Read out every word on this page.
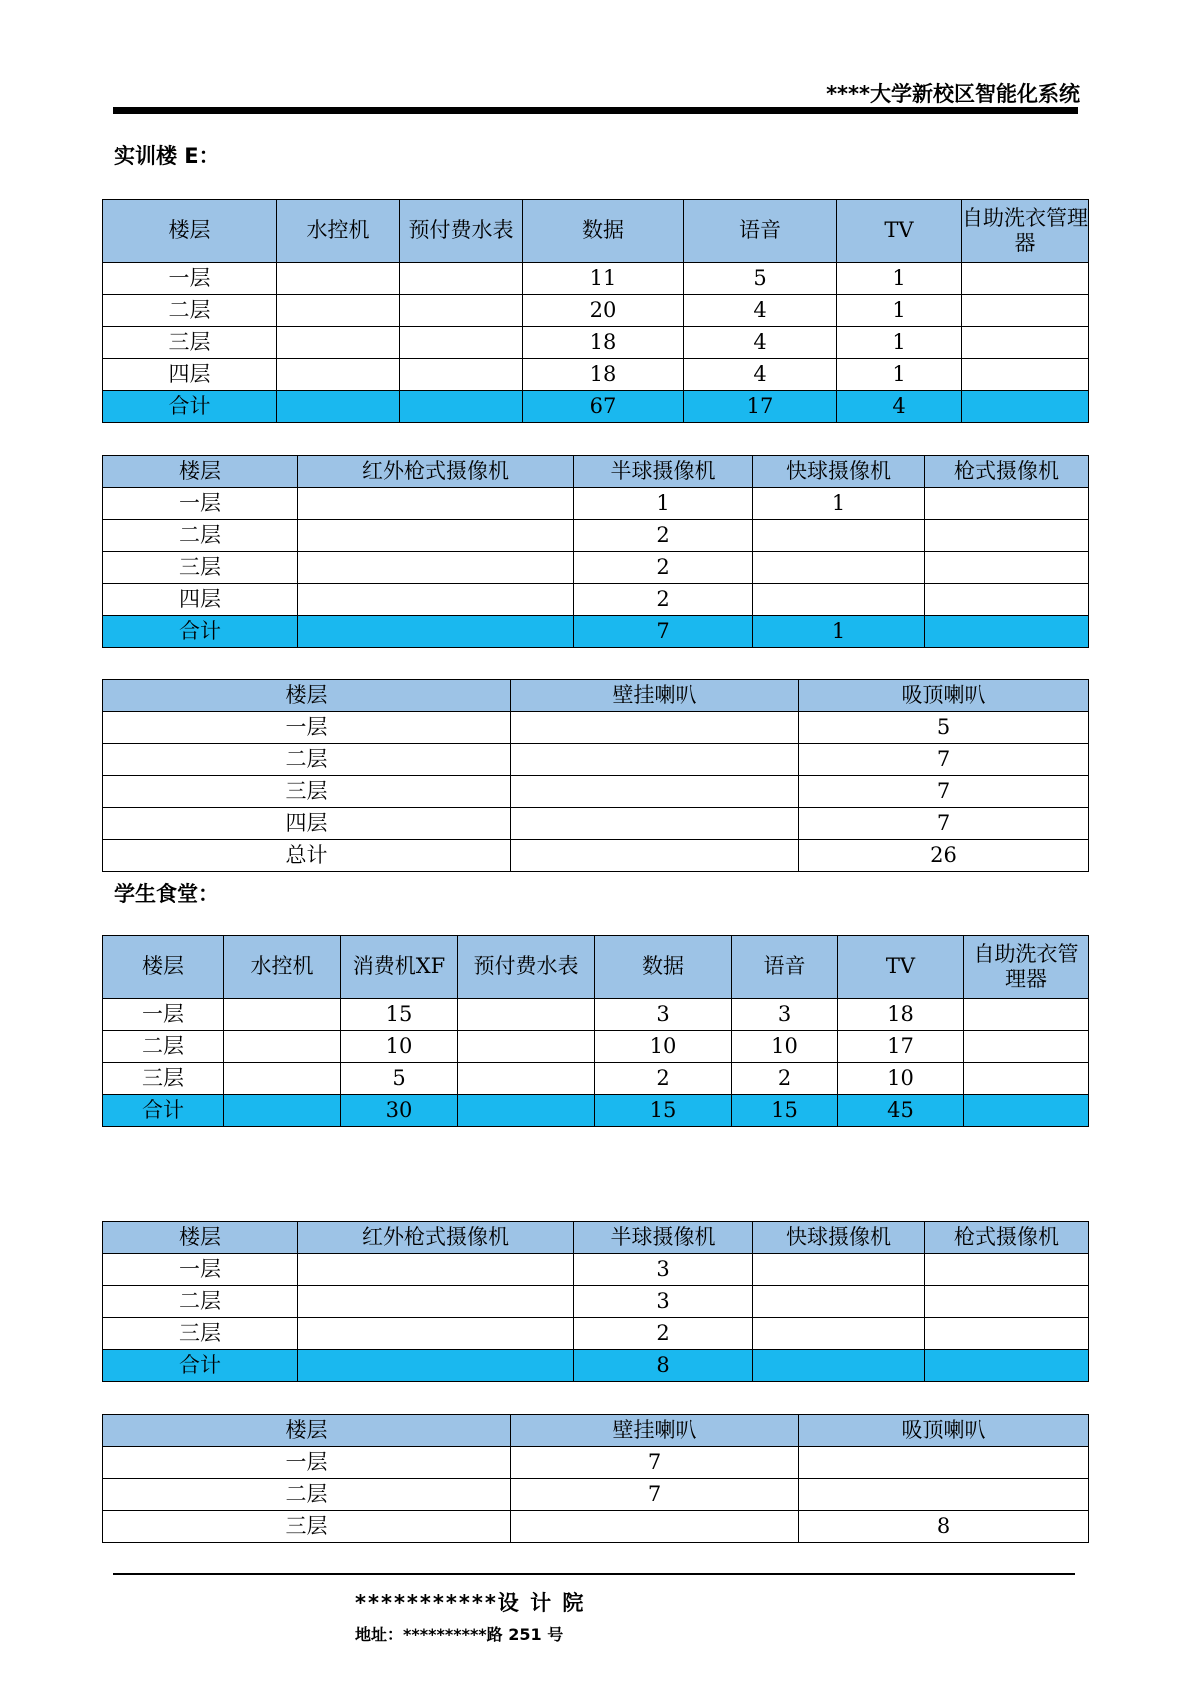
****大学新校区智能化系统
实训楼 E：
楼层	水控机	预付费水表	数据	语音	TV	自助洗衣管理器
一层			11	5	1	
二层			20	4	1	
三层			18	4	1	
四层			18	4	1	
合计			67	17	4	
楼层	红外枪式摄像机	半球摄像机	快球摄像机	枪式摄像机
一层		1	1	
二层		2		
三层		2		
四层		2		
合计		7	1	
楼层	壁挂喇叭	吸顶喇叭
一层		5
二层		7
三层		7
四层		7
总计		26
学生食堂：
楼层	水控机	消费机XF	预付费水表	数据	语音	TV	自助洗衣管理器
一层		15		3	3	18	
二层		10		10	10	17	
三层		5		2	2	10	
合计		30		15	15	45	
楼层	红外枪式摄像机	半球摄像机	快球摄像机	枪式摄像机
一层		3		
二层		3		
三层		2		
合计		8		
楼层	壁挂喇叭	吸顶喇叭
一层	7	
二层	7	
三层		8
***********设 计 院
地址：**********路 251 号
